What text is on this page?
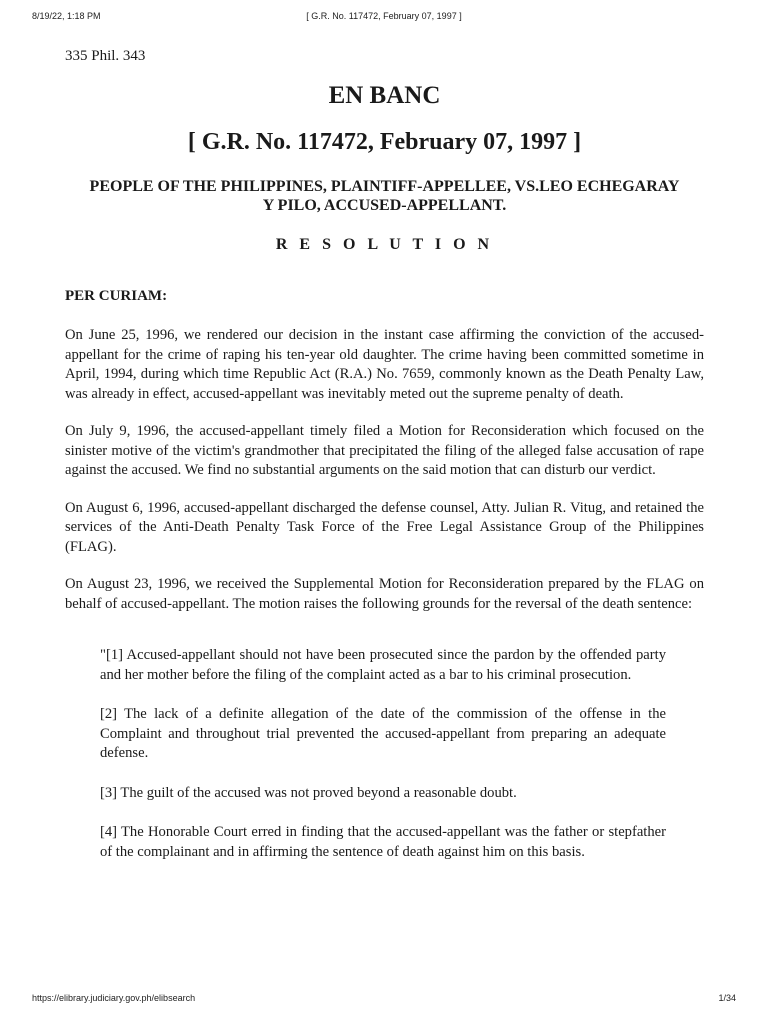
8/19/22, 1:18 PM	[ G.R. No. 117472, February 07, 1997 ]

335 Phil. 343

EN BANC

[ G.R. No. 117472, February 07, 1997 ]

PEOPLE OF THE PHILIPPINES, PLAINTIFF-APPELLEE, VS.LEO ECHEGARAY Y PILO, ACCUSED-APPELLANT.

R E S O L U T I O N

PER CURIAM:

On June 25, 1996, we rendered our decision in the instant case affirming the conviction of the accused-appellant for the crime of raping his ten-year old daughter. The crime having been committed sometime in April, 1994, during which time Republic Act (R.A.) No. 7659, commonly known as the Death Penalty Law, was already in effect, accused-appellant was inevitably meted out the supreme penalty of death.

On July 9, 1996, the accused-appellant timely filed a Motion for Reconsideration which focused on the sinister motive of the victim's grandmother that precipitated the filing of the alleged false accusation of rape against the accused. We find no substantial arguments on the said motion that can disturb our verdict.

On August 6, 1996, accused-appellant discharged the defense counsel, Atty. Julian R. Vitug, and retained the services of the Anti-Death Penalty Task Force of the Free Legal Assistance Group of the Philippines (FLAG).

On August 23, 1996, we received the Supplemental Motion for Reconsideration prepared by the FLAG on behalf of accused-appellant. The motion raises the following grounds for the reversal of the death sentence:

"[1] Accused-appellant should not have been prosecuted since the pardon by the offended party and her mother before the filing of the complaint acted as a bar to his criminal prosecution.

[2] The lack of a definite allegation of the date of the commission of the offense in the Complaint and throughout trial prevented the accused-appellant from preparing an adequate defense.

[3] The guilt of the accused was not proved beyond a reasonable doubt.

[4] The Honorable Court erred in finding that the accused-appellant was the father or stepfather of the complainant and in affirming the sentence of death against him on this basis.

https://elibrary.judiciary.gov.ph/elibsearch	1/34
